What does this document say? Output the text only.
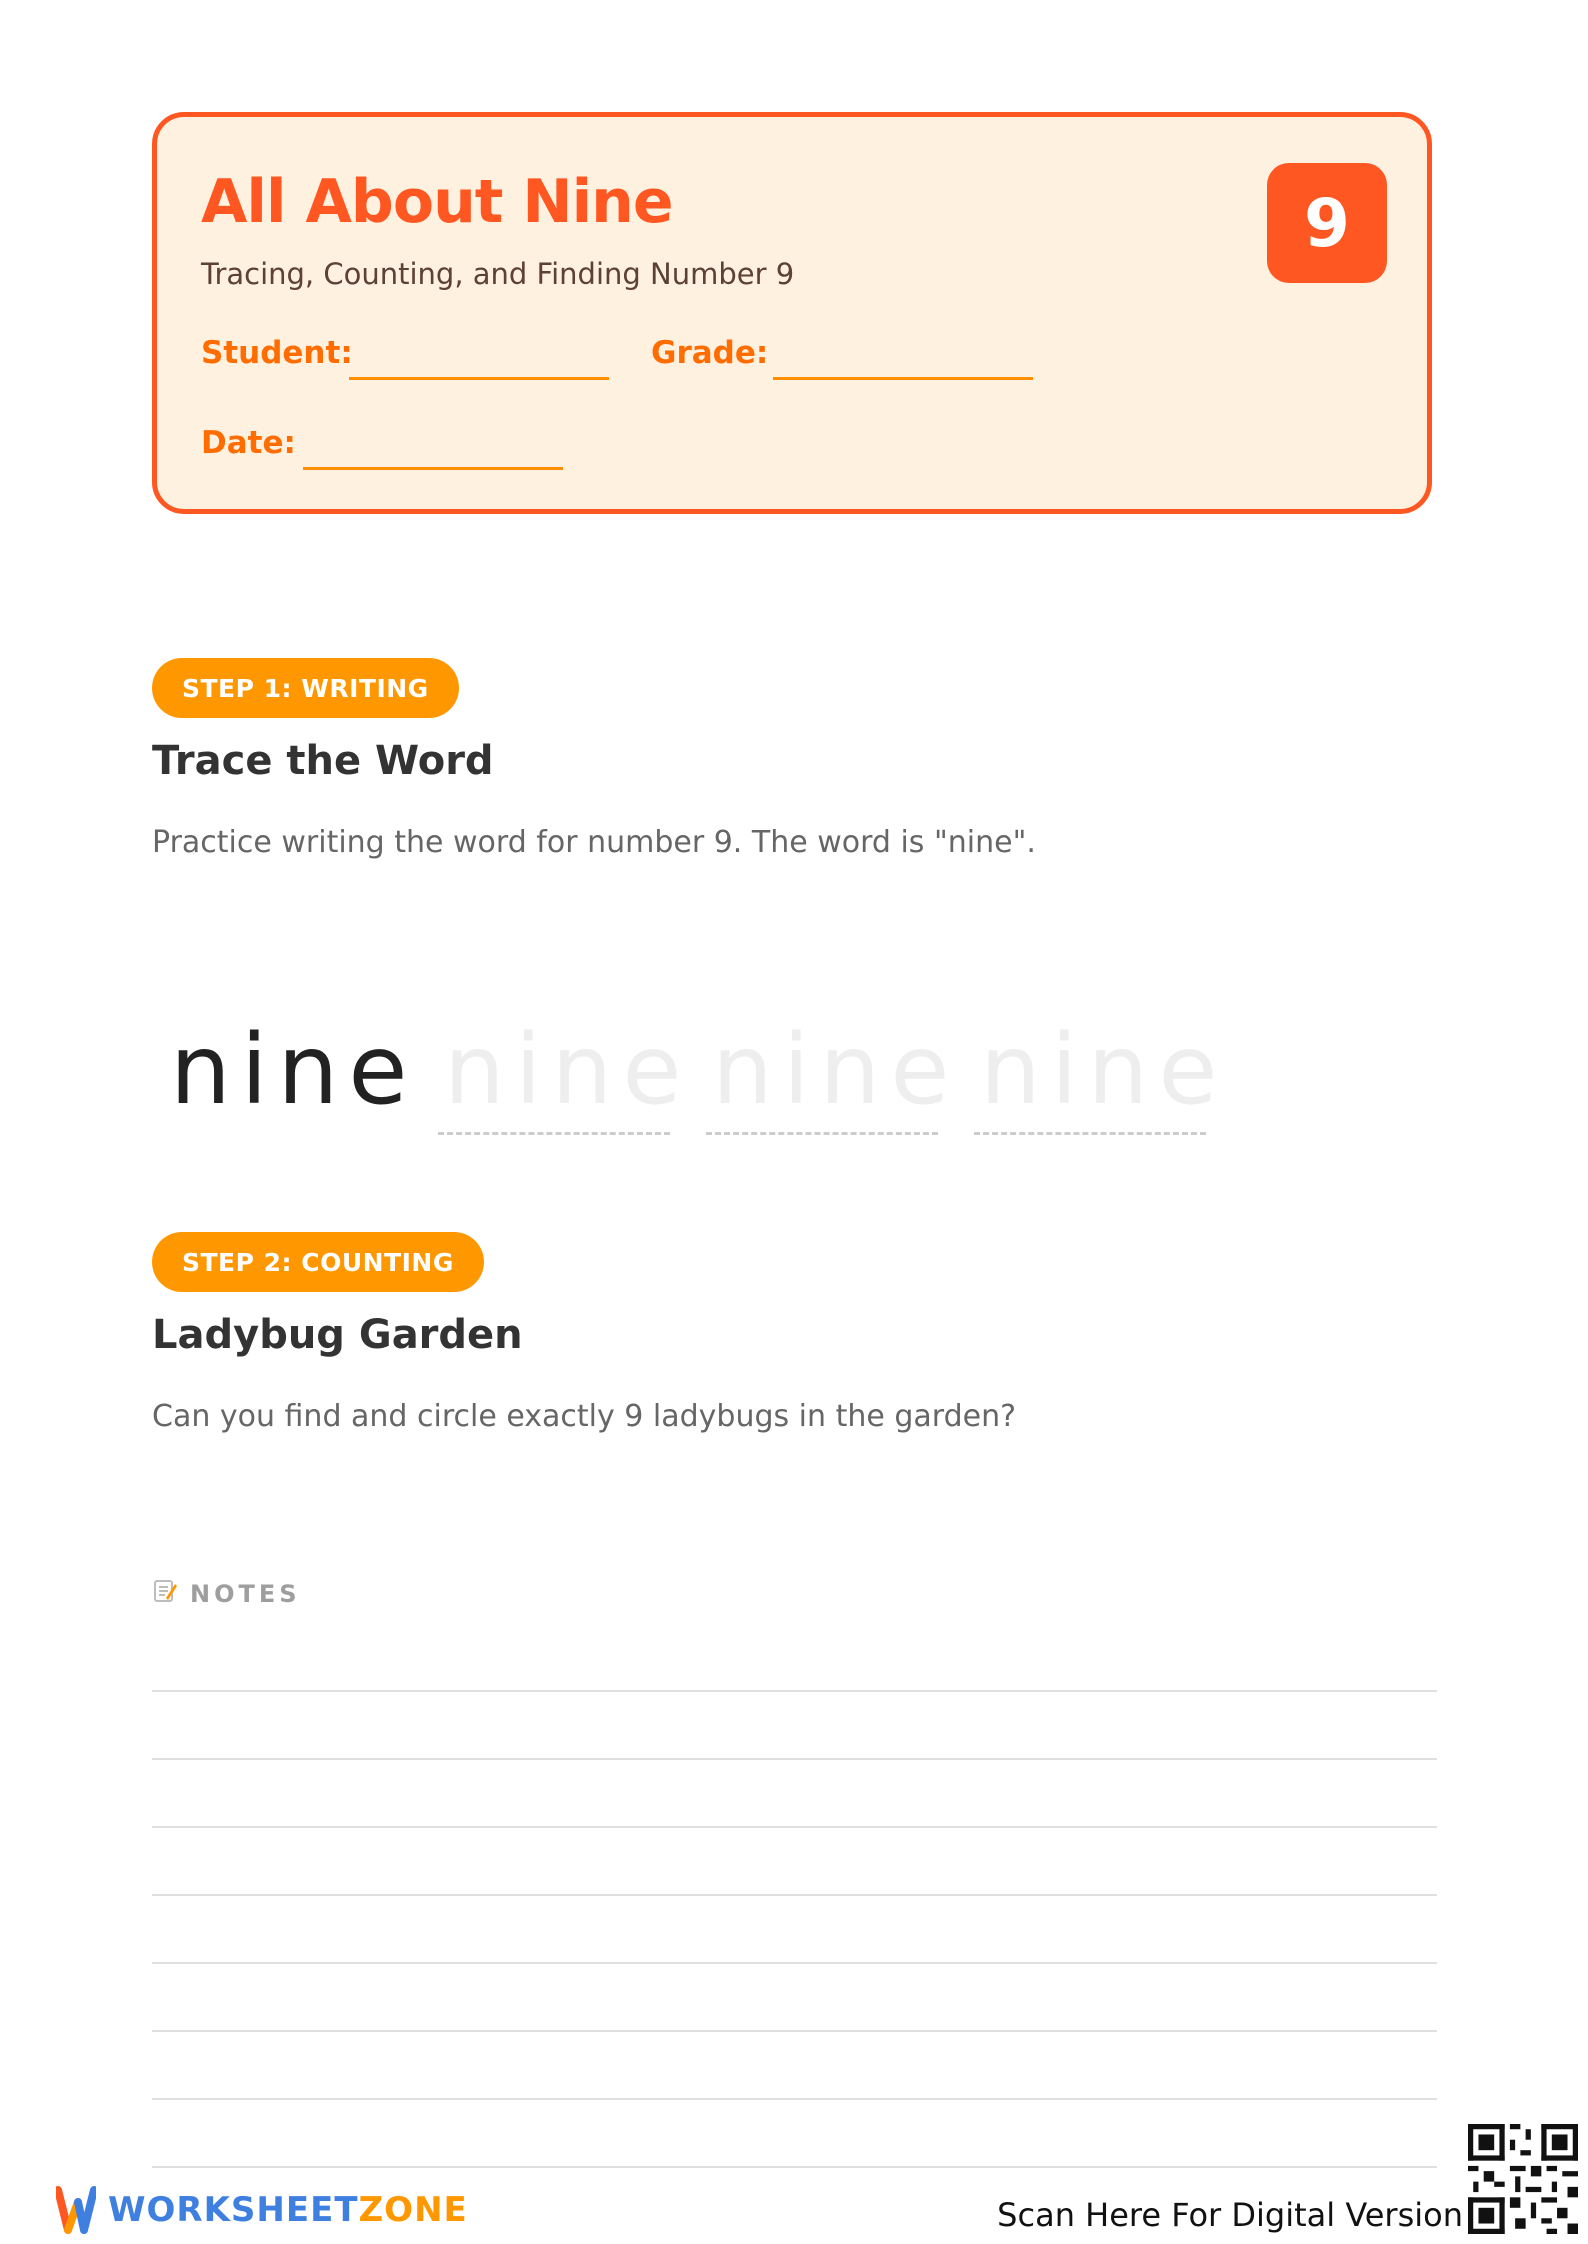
All About Nine
Tracing, Counting, and Finding Number 9
Student:	Grade:
Date:
9
STEP 1: WRITING
Trace the Word
Practice writing the word for number 9. The word is "nine".
nine nine nine nine
STEP 2: COUNTING
Ladybug Garden
Can you find and circle exactly 9 ladybugs in the garden?
NOTES
WORKSHEETZONE	Scan Here For Digital Version
